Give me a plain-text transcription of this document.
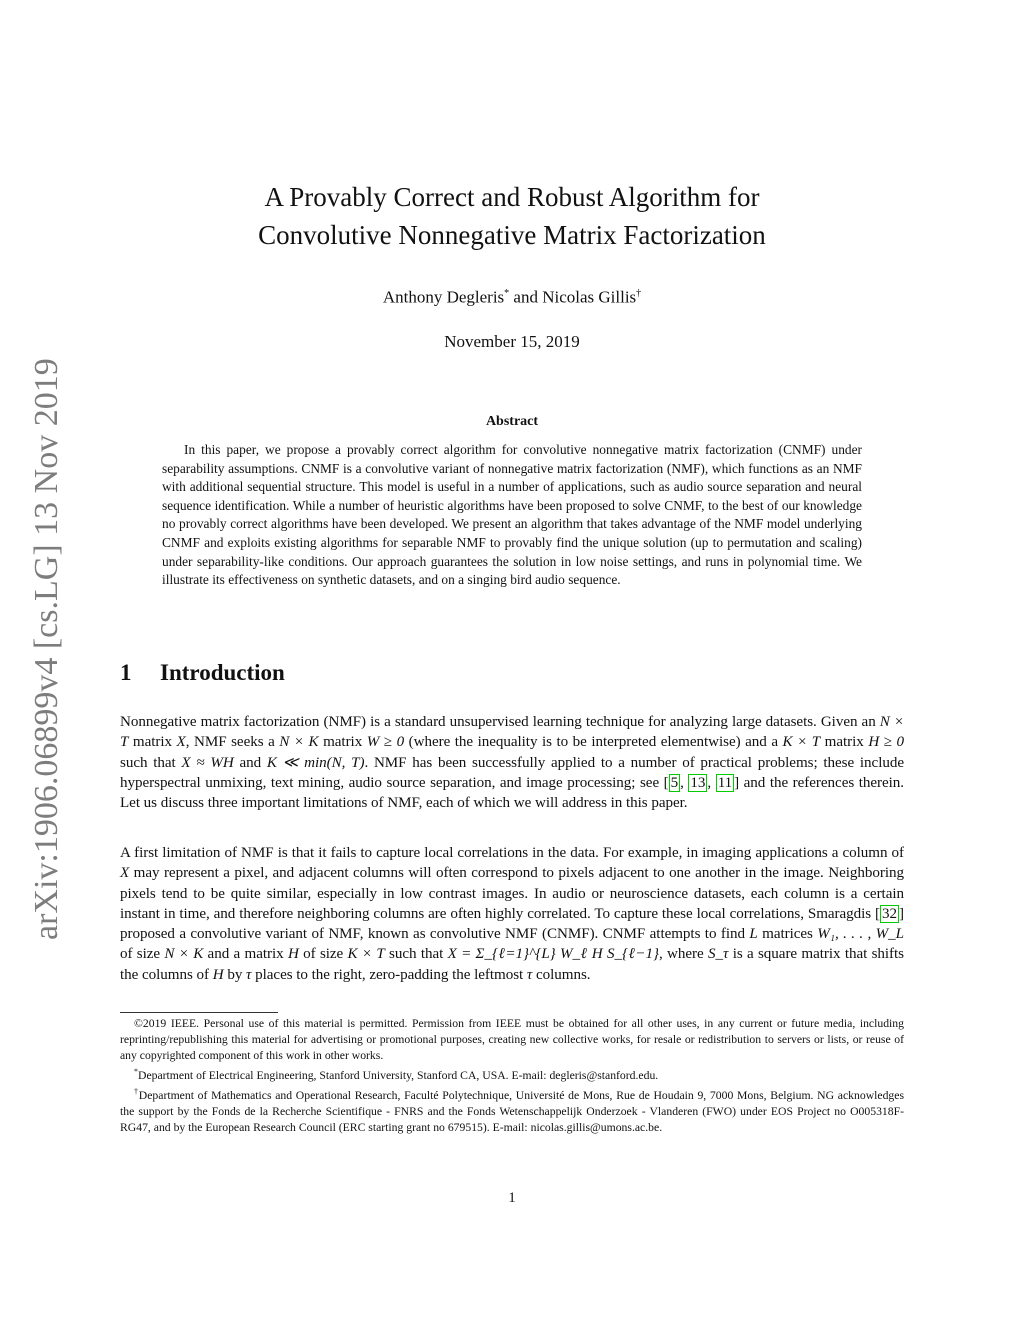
arXiv:1906.06899v4 [cs.LG] 13 Nov 2019
A Provably Correct and Robust Algorithm for
Convolutive Nonnegative Matrix Factorization
Anthony Degleris* and Nicolas Gillis†
November 15, 2019
Abstract
In this paper, we propose a provably correct algorithm for convolutive nonnegative matrix factorization (CNMF) under separability assumptions. CNMF is a convolutive variant of nonnegative matrix factorization (NMF), which functions as an NMF with additional sequential structure. This model is useful in a number of applications, such as audio source separation and neural sequence identification. While a number of heuristic algorithms have been proposed to solve CNMF, to the best of our knowledge no provably correct algorithms have been developed. We present an algorithm that takes advantage of the NMF model underlying CNMF and exploits existing algorithms for separable NMF to provably find the unique solution (up to permutation and scaling) under separability-like conditions. Our approach guarantees the solution in low noise settings, and runs in polynomial time. We illustrate its effectiveness on synthetic datasets, and on a singing bird audio sequence.
1 Introduction
Nonnegative matrix factorization (NMF) is a standard unsupervised learning technique for analyzing large datasets. Given an N × T matrix X, NMF seeks a N × K matrix W ≥ 0 (where the inequality is to be interpreted elementwise) and a K × T matrix H ≥ 0 such that X ≈ WH and K ≪ min(N, T). NMF has been successfully applied to a number of practical problems; these include hyperspectral unmixing, text mining, audio source separation, and image processing; see [ 5 , 13 , 11 ] and the references therein. Let us discuss three important limitations of NMF, each of which we will address in this paper.
A first limitation of NMF is that it fails to capture local correlations in the data. For example, in imaging applications a column of X may represent a pixel, and adjacent columns will often correspond to pixels adjacent to one another in the image. Neighboring pixels tend to be quite similar, especially in low contrast images. In audio or neuroscience datasets, each column is a certain instant in time, and therefore neighboring columns are often highly correlated. To capture these local correlations, Smaragdis [ 32 ] proposed a convolutive variant of NMF, known as convolutive NMF (CNMF). CNMF attempts to find L matrices W₁, . . . , W_L of size N × K and a matrix H of size K × T such that X = Σ_{ℓ=1}^{L} W_ℓ H S_{ℓ−1}, where S_τ is a square matrix that shifts the columns of H by τ places to the right, zero-padding the leftmost τ columns.

©2019 IEEE. Personal use of this material is permitted. Permission from IEEE must be obtained for all other uses, in any current or future media, including reprinting/republishing this material for advertising or promotional purposes, creating new collective works, for resale or redistribution to servers or lists, or reuse of any copyrighted component of this work in other works.

*Department of Electrical Engineering, Stanford University, Stanford CA, USA. E-mail: degleris@stanford.edu.

†Department of Mathematics and Operational Research, Faculté Polytechnique, Université de Mons, Rue de Houdain 9, 7000 Mons, Belgium. NG acknowledges the support by the Fonds de la Recherche Scientifique - FNRS and the Fonds Wetenschappelijk Onderzoek - Vlanderen (FWO) under EOS Project no O005318F-RG47, and by the European Research Council (ERC starting grant no 679515). E-mail: nicolas.gillis@umons.ac.be.

1
